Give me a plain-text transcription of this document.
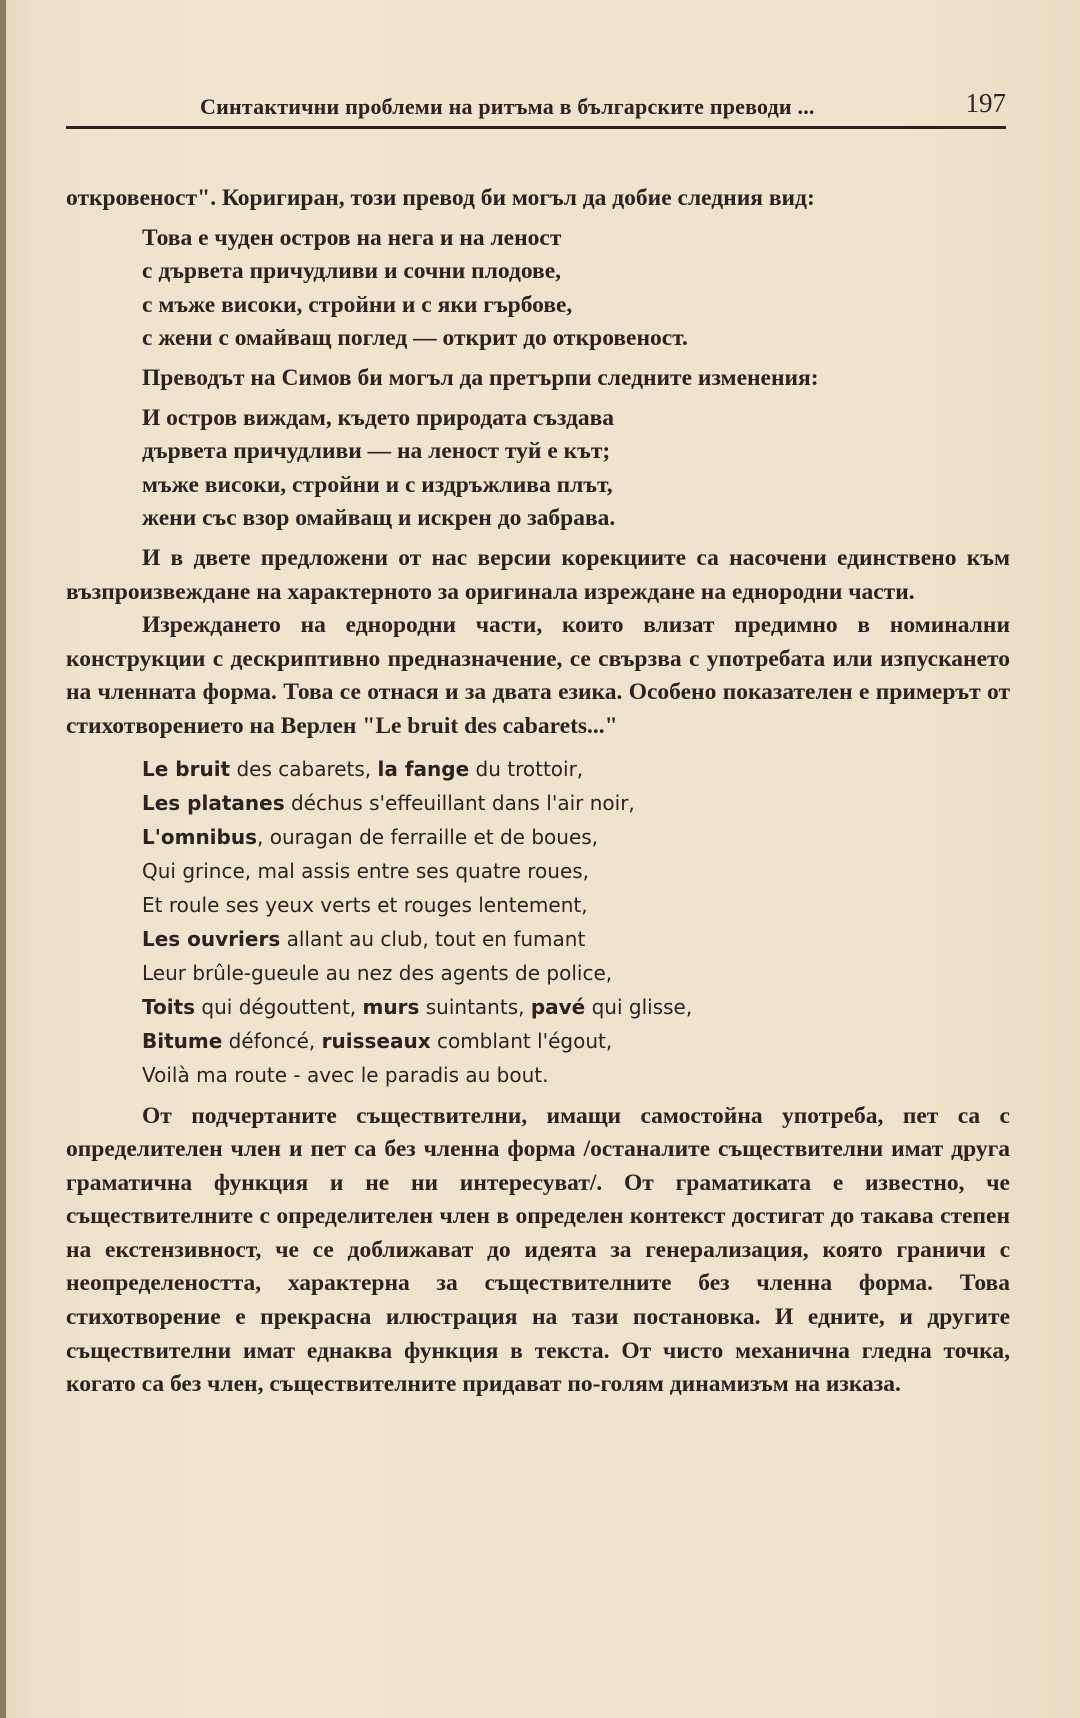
Синтактични проблеми на ритъма в българските преводи ...	197

откровеност". Коригиран, този превод би могъл да добие следния вид:

Това е чуден остров на нега и на леност
с дървета причудливи и сочни плодове,
с мъже високи, стройни и с яки гърбове,
с жени с омайващ поглед — открит до откровеност.

Преводът на Симов би могъл да претърпи следните изменения:

И остров виждам, където природата създава
дървета причудливи — на леност туй е кът;
мъже високи, стройни и с издръжлива плът,
жени със взор омайващ и искрен до забрава.

И в двете предложени от нас версии корекциите са насочени единствено към възпроизвеждане на характерното за оригинала изреждане на еднородни части.

Изреждането на еднородни части, които влизат предимно в номинални конструкции с дескриптивно предназначение, се свързва с употребата или изпускането на членната форма. Това се отнася и за двата езика. Особено показателен е примерът от стихотворението на Верлен "Le bruit des cabarets..."

Le bruit des cabarets, la fange du trottoir,
Les platanes déchus s'effeuillant dans l'air noir,
L'omnibus, ouragan de ferraille et de boues,
Qui grince, mal assis entre ses quatre roues,
Et roule ses yeux verts et rouges lentement,
Les ouvriers allant au club, tout en fumant
Leur brûle-gueule au nez des agents de police,
Toits qui dégouttent, murs suintants, pavé qui glisse,
Bitume défoncé, ruisseaux comblant l'égout,
Voilà ma route - avec le paradis au bout.

От подчертаните съществителни, имащи самостойна употреба, пет са с определителен член и пет са без членна форма /останалите съществителни имат друга граматична функция и не ни интересуват/. От граматиката е известно, че съществителните с определителен член в определен контекст достигат до такава степен на екстензивност, че се доближават до идеята за генерализация, която граничи с неопределеността, характерна за съществителните без членна форма. Това стихотворение е прекрасна илюстрация на тази постановка. И едните, и другите съществителни имат еднаква функция в текста. От чисто механична гледна точка, когато са без член, съществителните придават по-голям динамизъм на изказа.
